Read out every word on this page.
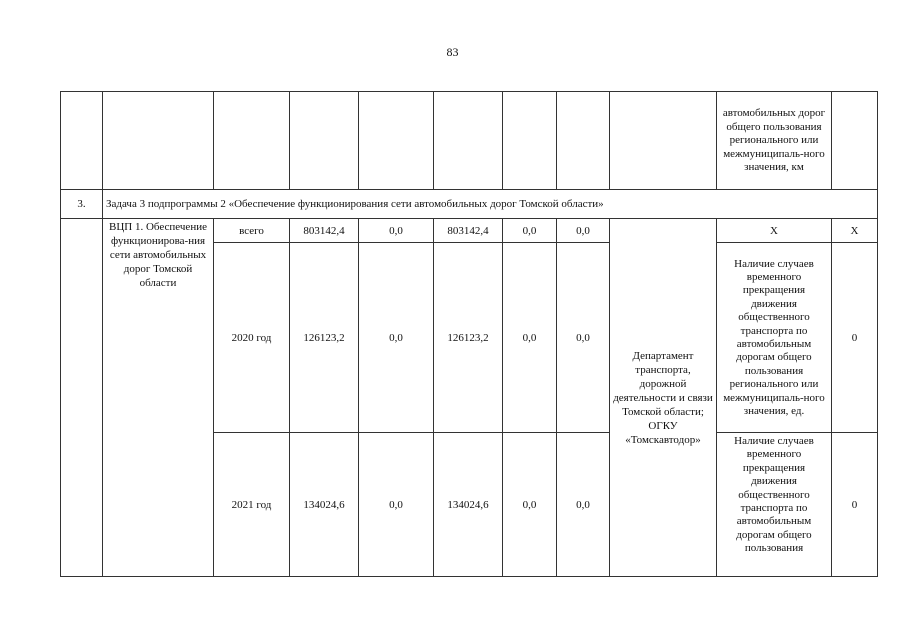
83
									автомобильных дорог общего пользования регионального или межмуниципаль-ного значения, км	
3.	Задача 3 подпрограммы 2 «Обеспечение функционирования сети автомобильных дорог Томской области»									
	ВЦП 1. Обеспечение функционирова-ния сети автомобильных дорог Томской области	всего	803142,4	0,0	803142,4	0,0	0,0	Департамент транспорта, дорожной деятельности и связи Томской области; ОГКУ «Томскавтодор»	X	X
		2020 год	126123,2	0,0	126123,2	0,0	0,0		Наличие случаев временного прекращения движения общественного транспорта по автомобильным дорогам общего пользования регионального или межмуниципаль-ного значения, ед.	0
		2021 год	134024,6	0,0	134024,6	0,0	0,0		Наличие случаев временного прекращения движения общественного транспорта по автомобильным дорогам общего пользования	0
